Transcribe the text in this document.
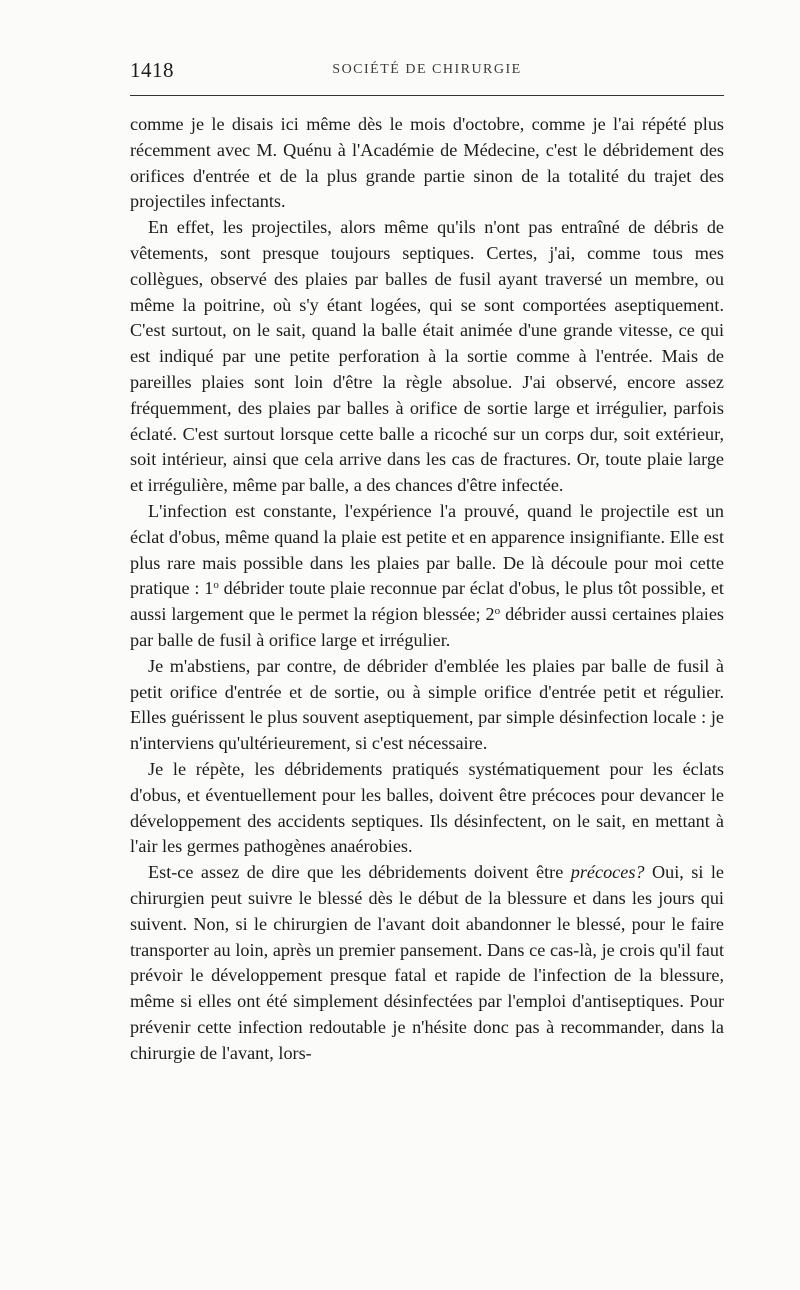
1418	SOCIÉTÉ DE CHIRURGIE

comme je le disais ici même dès le mois d'octobre, comme je l'ai répété plus récemment avec M. Quénu à l'Académie de Médecine, c'est le débridement des orifices d'entrée et de la plus grande partie sinon de la totalité du trajet des projectiles infectants.

En effet, les projectiles, alors même qu'ils n'ont pas entraîné de débris de vêtements, sont presque toujours septiques. Certes, j'ai, comme tous mes collègues, observé des plaies par balles de fusil ayant traversé un membre, ou même la poitrine, où s'y étant logées, qui se sont comportées aseptiquement. C'est surtout, on le sait, quand la balle était animée d'une grande vitesse, ce qui est indiqué par une petite perforation à la sortie comme à l'entrée. Mais de pareilles plaies sont loin d'être la règle absolue. J'ai observé, encore assez fréquemment, des plaies par balles à orifice de sortie large et irrégulier, parfois éclaté. C'est surtout lorsque cette balle a ricoché sur un corps dur, soit extérieur, soit intérieur, ainsi que cela arrive dans les cas de fractures. Or, toute plaie large et irrégulière, même par balle, a des chances d'être infectée.

L'infection est constante, l'expérience l'a prouvé, quand le projectile est un éclat d'obus, même quand la plaie est petite et en apparence insignifiante. Elle est plus rare mais possible dans les plaies par balle. De là découle pour moi cette pratique : 1$^o$ débrider toute plaie reconnue par éclat d'obus, le plus tôt possible, et aussi largement que le permet la région blessée; 2$^o$ débrider aussi certaines plaies par balle de fusil à orifice large et irrégulier.

Je m'abstiens, par contre, de débrider d'emblée les plaies par balle de fusil à petit orifice d'entrée et de sortie, ou à simple orifice d'entrée petit et régulier. Elles guérissent le plus souvent aseptiquement, par simple désinfection locale : je n'interviens qu'ultérieurement, si c'est nécessaire.

Je le répète, les débridements pratiqués systématiquement pour les éclats d'obus, et éventuellement pour les balles, doivent être précoces pour devancer le développement des accidents septiques. Ils désinfectent, on le sait, en mettant à l'air les germes pathogènes anaérobies.

Est-ce assez de dire que les débridements doivent être précoces? Oui, si le chirurgien peut suivre le blessé dès le début de la blessure et dans les jours qui suivent. Non, si le chirurgien de l'avant doit abandonner le blessé, pour le faire transporter au loin, après un premier pansement. Dans ce cas-là, je crois qu'il faut prévoir le développement presque fatal et rapide de l'infection de la blessure, même si elles ont été simplement désinfectées par l'emploi d'antiseptiques. Pour prévenir cette infection redoutable je n'hésite donc pas à recommander, dans la chirurgie de l'avant, lors-
